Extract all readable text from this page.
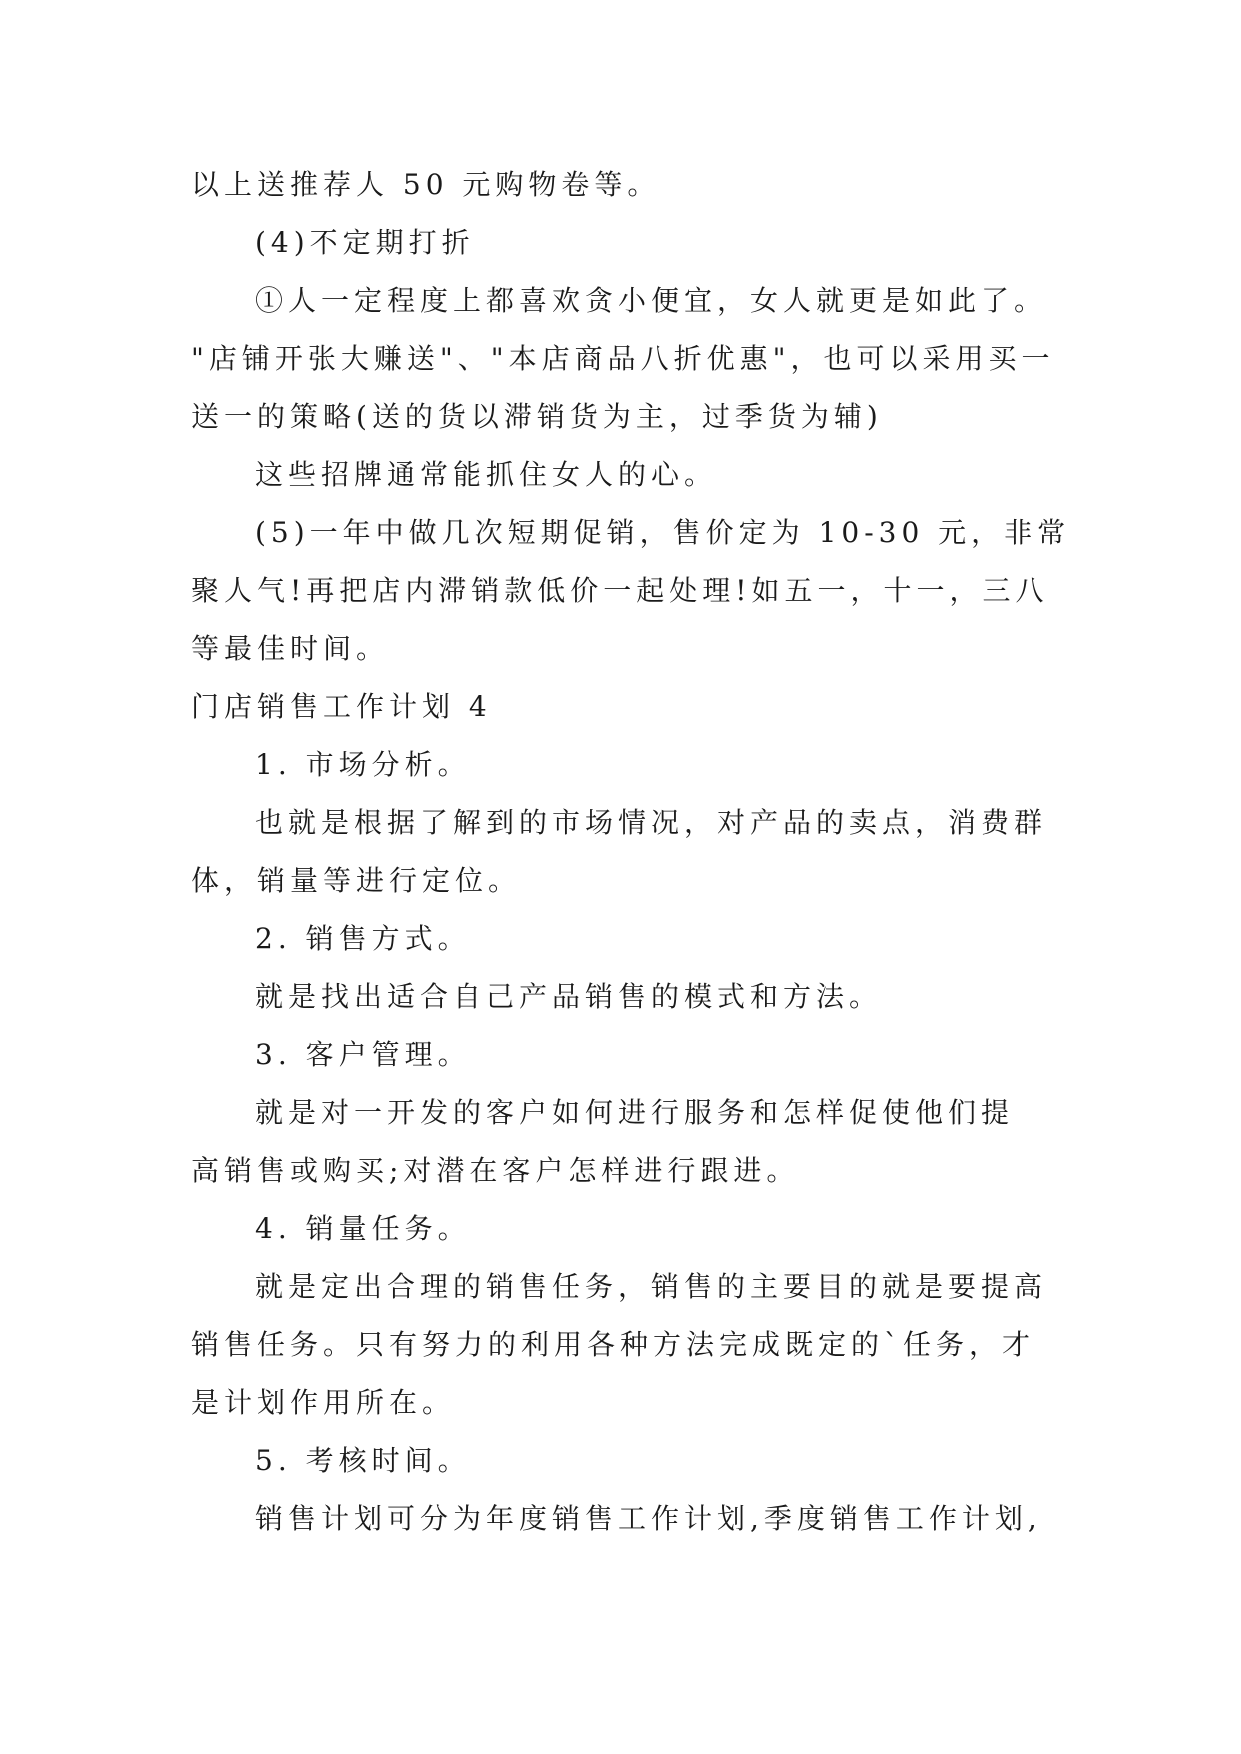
以上送推荐人 50 元购物卷等。

(4)不定期打折

①人一定程度上都喜欢贪小便宜，女人就更是如此了。

"店铺开张大赚送"、"本店商品八折优惠"，也可以采用买一

送一的策略(送的货以滞销货为主，过季货为辅)

这些招牌通常能抓住女人的心。

(5)一年中做几次短期促销，售价定为 10-30 元，非常

聚人气!再把店内滞销款低价一起处理!如五一，十一，三八

等最佳时间。

门店销售工作计划 4

1. 市场分析。

也就是根据了解到的市场情况，对产品的卖点，消费群

体，销量等进行定位。

2. 销售方式。

就是找出适合自己产品销售的模式和方法。

3. 客户管理。

就是对一开发的客户如何进行服务和怎样促使他们提

高销售或购买;对潜在客户怎样进行跟进。

4. 销量任务。

就是定出合理的销售任务，销售的主要目的就是要提高

销售任务。只有努力的利用各种方法完成既定的`任务，才

是计划作用所在。

5. 考核时间。

销售计划可分为年度销售工作计划,季度销售工作计划,
